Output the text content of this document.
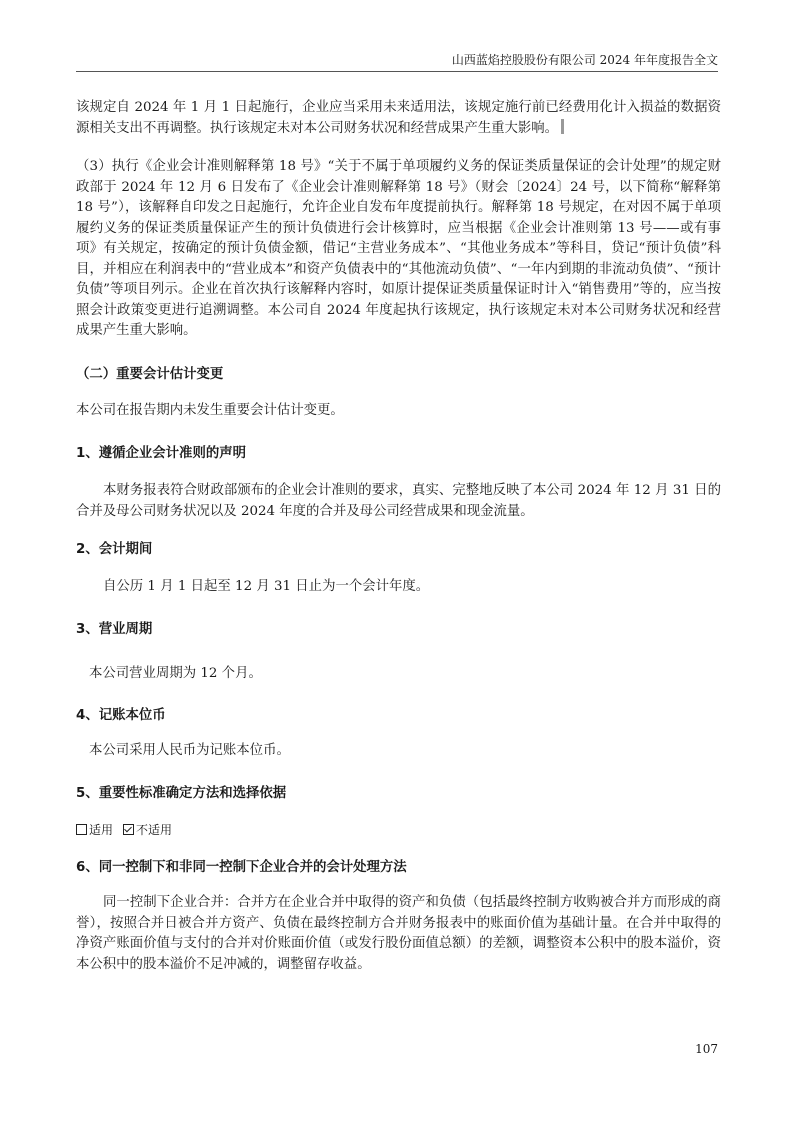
山西蓝焰控股股份有限公司 2024 年年度报告全文

该规定自 2024 年 1 月 1 日起施行，企业应当采用未来适用法，该规定施行前已经费用化计入损益的数据资源相关支出不再调整。执行该规定未对本公司财务状况和经营成果产生重大影响。

（3）执行《企业会计准则解释第 18 号》“关于不属于单项履约义务的保证类质量保证的会计处理”的规定财政部于 2024 年 12 月 6 日发布了《企业会计准则解释第 18 号》（财会〔2024〕24 号，以下简称“解释第 18 号”），该解释自印发之日起施行，允许企业自发布年度提前执行。解释第 18 号规定，在对因不属于单项履约义务的保证类质量保证产生的预计负债进行会计核算时，应当根据《企业会计准则第 13 号——或有事项》有关规定，按确定的预计负债金额，借记“主营业务成本”、“其他业务成本”等科目，贷记“预计负债”科目，并相应在利润表中的“营业成本”和资产负债表中的“其他流动负债”、“一年内到期的非流动负债”、“预计负债”等项目列示。企业在首次执行该解释内容时，如原计提保证类质量保证时计入“销售费用”等的，应当按照会计政策变更进行追溯调整。本公司自 2024 年度起执行该规定，执行该规定未对本公司财务状况和经营成果产生重大影响。

（二）重要会计估计变更

本公司在报告期内未发生重要会计估计变更。

1、遵循企业会计准则的声明

本财务报表符合财政部颁布的企业会计准则的要求，真实、完整地反映了本公司 2024 年 12 月 31 日的合并及母公司财务状况以及 2024 年度的合并及母公司经营成果和现金流量。

2、会计期间

自公历 1 月 1 日起至 12 月 31 日止为一个会计年度。

3、营业周期

本公司营业周期为 12 个月。

4、记账本位币

本公司采用人民币为记账本位币。

5、重要性标准确定方法和选择依据

适用 不适用

6、同一控制下和非同一控制下企业合并的会计处理方法

同一控制下企业合并：合并方在企业合并中取得的资产和负债（包括最终控制方收购被合并方而形成的商誉），按照合并日被合并方资产、负债在最终控制方合并财务报表中的账面价值为基础计量。在合并中取得的净资产账面价值与支付的合并对价账面价值（或发行股份面值总额）的差额，调整资本公积中的股本溢价，资本公积中的股本溢价不足冲减的，调整留存收益。

107
